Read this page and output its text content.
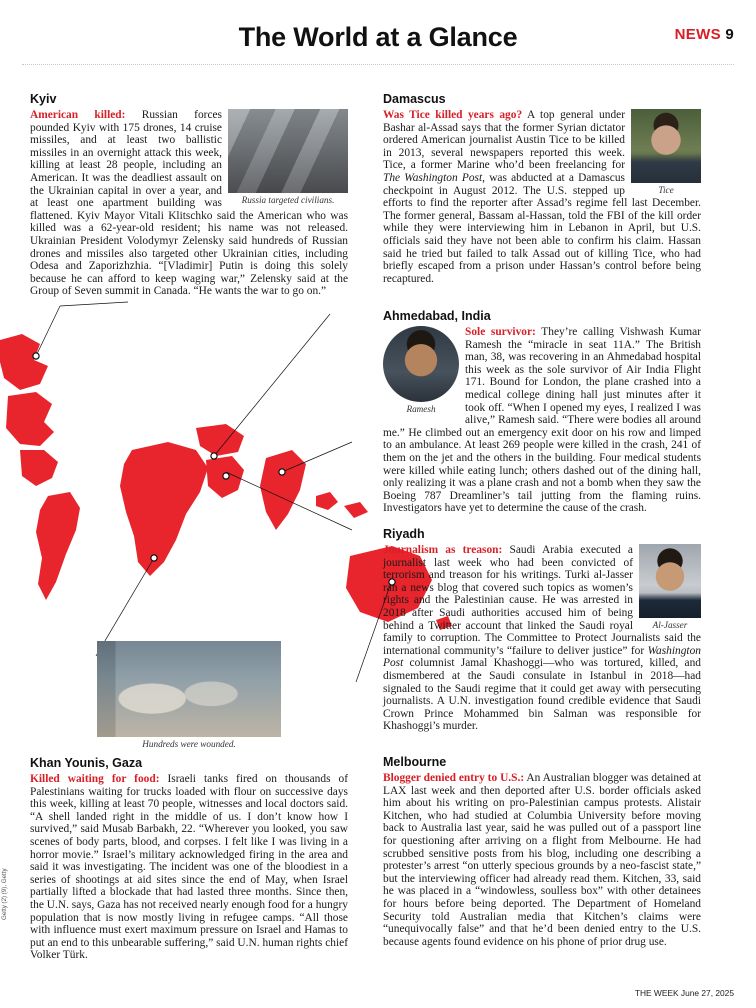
The World at a Glance	NEWS 9
Kyiv
Russia targeted civilians.

American killed: Russian forces pounded Kyiv with 175 drones, 14 cruise missiles, and at least two ballistic missiles in an overnight attack this week, killing at least 28 people, including an American. It was the deadliest assault on the Ukrainian capital in over a year, and at least one apartment building was flattened. Kyiv Mayor Vitali Klitschko said the American who was killed was a 62-year-old resident; his name was not released. Ukrainian President Volodymyr Zelensky said hundreds of Russian drones and missiles also targeted other Ukrainian cities, including Odesa and Zaporizhzhia. “[Vladimir] Putin is doing this solely because he can afford to keep waging war,” Zelensky said at the Group of Seven summit in Canada. “He wants the war to go on.”

Hundreds were wounded.
Khan Younis, Gaza

Killed waiting for food: Israeli tanks fired on thousands of Palestinians waiting for trucks loaded with flour on successive days this week, killing at least 70 people, witnesses and local doctors said. “A shell landed right in the middle of us. I don’t know how I survived,” said Musab Barbakh, 22. “Wherever you looked, you saw scenes of body parts, blood, and corpses. I felt like I was living in a horror movie.” Israel’s military acknowledged firing in the area and said it was investigating. The incident was one of the bloodiest in a series of shootings at aid sites since the end of May, when Israel partially lifted a blockade that had lasted three months. Since then, the U.N. says, Gaza has not received nearly enough food for a hungry population that is now mostly living in refugee camps. “All those with influence must exert maximum pressure on Israel and Hamas to put an end to this unbearable suffering,” said U.N. human rights chief Volker Türk.

Damascus
Tice

Was Tice killed years ago? A top general under Bashar al-Assad says that the former Syrian dictator ordered American journalist Austin Tice to be killed in 2013, several newspapers reported this week. Tice, a former Marine who’d been freelancing for The Washington Post, was abducted at a Damascus checkpoint in August 2012. The U.S. stepped up efforts to find the reporter after Assad’s regime fell last December. The former general, Bassam al-Hassan, told the FBI of the kill order while they were interviewing him in Lebanon in April, but U.S. officials said they have not been able to confirm his claim. Hassan said he tried but failed to talk Assad out of killing Tice, who had briefly escaped from a prison under Hassan’s control before being recaptured.

Ahmedabad, India
Ramesh

Sole survivor: They’re calling Vishwash Kumar Ramesh the “miracle in seat 11A.” The British man, 38, was recovering in an Ahmedabad hospital this week as the sole survivor of Air India Flight 171. Bound for London, the plane crashed into a medical college dining hall just minutes after it took off. “When I opened my eyes, I realized I was alive,” Ramesh said. “There were bodies all around me.” He climbed out an emergency exit door on his row and limped to an ambulance. At least 269 people were killed in the crash, 241 of them on the jet and the others in the building. Four medical students were killed while eating lunch; others dashed out of the dining hall, only realizing it was a plane crash and not a bomb when they saw the Boeing 787 Dreamliner’s tail jutting from the flaming ruins. Investigators have yet to determine the cause of the crash.

Riyadh
Al-Jasser

Journalism as treason: Saudi Arabia executed a journalist last week who had been convicted of terrorism and treason for his writings. Turki al-Jasser ran a news blog that covered such topics as women’s rights and the Palestinian cause. He was arrested in 2018 after Saudi authorities accused him of being behind a Twitter account that linked the Saudi royal family to corruption. The Committee to Protect Journalists said the international community’s “failure to deliver justice” for Washington Post columnist Jamal Khashoggi—who was tortured, killed, and dismembered at the Saudi consulate in Istanbul in 2018—had signaled to the Saudi regime that it could get away with persecuting journalists. A U.N. investigation found credible evidence that Saudi Crown Prince Mohammed bin Salman was responsible for Khashoggi’s murder.

Melbourne

Blogger denied entry to U.S.: An Australian blogger was detained at LAX last week and then deported after U.S. border officials asked him about his writing on pro-Palestinian campus protests. Alistair Kitchen, who had studied at Columbia University before moving back to Australia last year, said he was pulled out of a passport line for questioning after arriving on a flight from Melbourne. He had scrubbed sensitive posts from his blog, including one describing a protester’s arrest “on utterly specious grounds by a neo-fascist state,” but the interviewing officer had already read them. Kitchen, 33, said he was placed in a “windowless, soulless box” with other detainees for hours before being deported. The Department of Homeland Security told Australian media that Kitchen’s claims were “unequivocally false” and that he’d been denied entry to the U.S. because agents found evidence on his phone of prior drug use.

Getty (2) (9), Getty
THE WEEK June 27, 2025
